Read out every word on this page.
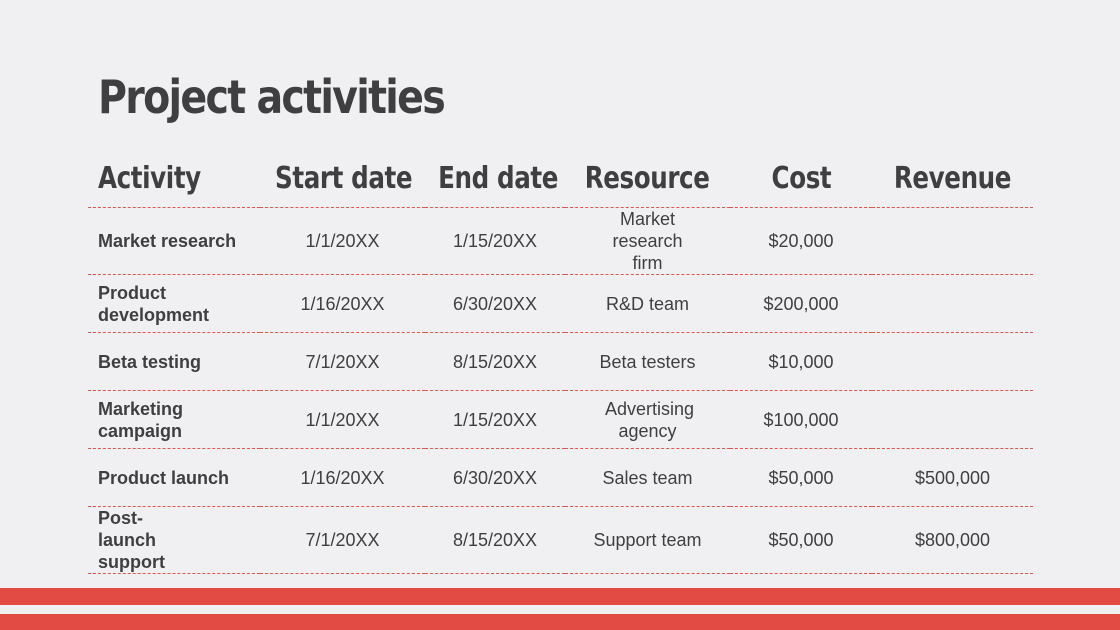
Project activities
Activity	Start date	End date	Resource	Cost	Revenue
Market research	1/1/20XX	1/15/20XX	Market research firm	$20,000	
Product development	1/16/20XX	6/30/20XX	R&D team	$200,000	
Beta testing	7/1/20XX	8/15/20XX	Beta testers	$10,000	
Marketing campaign	1/1/20XX	1/15/20XX	Advertising agency	$100,000	
Product launch	1/16/20XX	6/30/20XX	Sales team	$50,000	$500,000
Post-launch support	7/1/20XX	8/15/20XX	Support team	$50,000	$800,000
